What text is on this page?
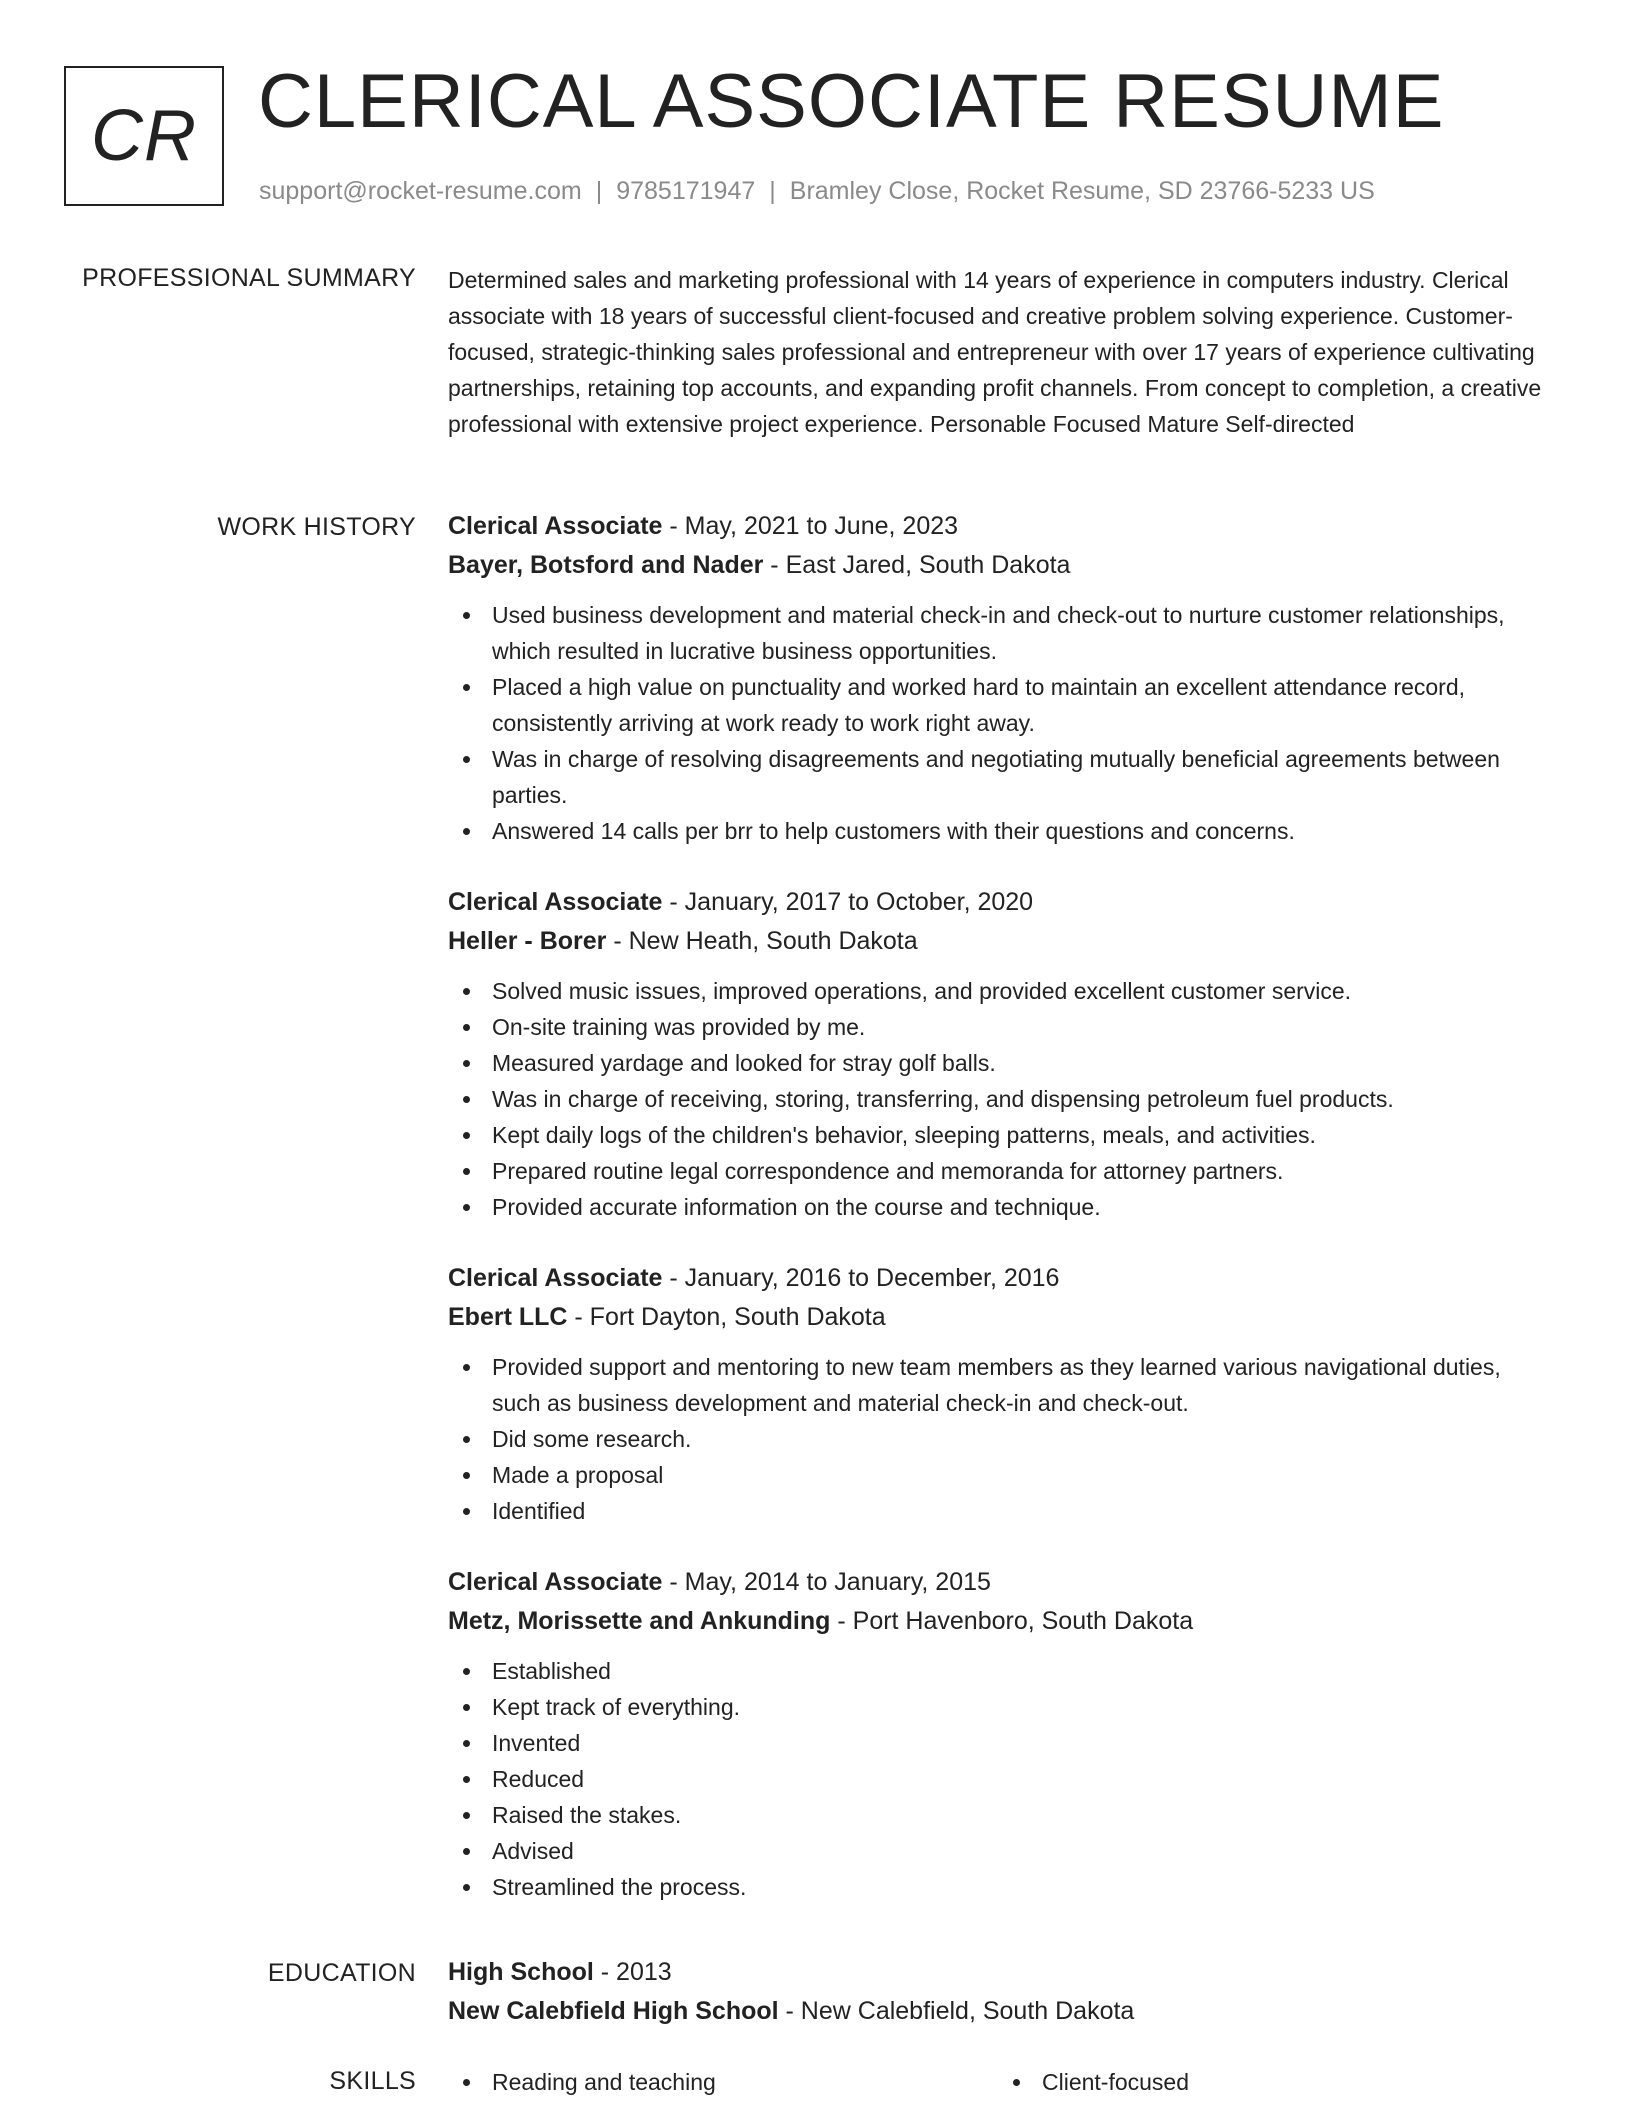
CR CLERICAL ASSOCIATE RESUME
support@rocket-resume.com | 9785171947 | Bramley Close, Rocket Resume, SD 23766-5233 US
PROFESSIONAL SUMMARY Determined sales and marketing professional with 14 years of experience in computers industry. Clerical associate with 18 years of successful client-focused and creative problem solving experience. Customer-focused, strategic-thinking sales professional and entrepreneur with over 17 years of experience cultivating partnerships, retaining top accounts, and expanding profit channels. From concept to completion, a creative professional with extensive project experience. Personable Focused Mature Self-directed

WORK HISTORY Clerical Associate - May, 2021 to June, 2023
Bayer, Botsford and Nader - East Jared, South Dakota
Used business development and material check-in and check-out to nurture customer relationships, which resulted in lucrative business opportunities.
Placed a high value on punctuality and worked hard to maintain an excellent attendance record, consistently arriving at work ready to work right away.
Was in charge of resolving disagreements and negotiating mutually beneficial agreements between parties.
Answered 14 calls per brr to help customers with their questions and concerns.
Clerical Associate - January, 2017 to October, 2020
Heller - Borer - New Heath, South Dakota
Solved music issues, improved operations, and provided excellent customer service.
On-site training was provided by me.
Measured yardage and looked for stray golf balls.
Was in charge of receiving, storing, transferring, and dispensing petroleum fuel products.
Kept daily logs of the children's behavior, sleeping patterns, meals, and activities.
Prepared routine legal correspondence and memoranda for attorney partners.
Provided accurate information on the course and technique.
Clerical Associate - January, 2016 to December, 2016
Ebert LLC - Fort Dayton, South Dakota
Provided support and mentoring to new team members as they learned various navigational duties, such as business development and material check-in and check-out.
Did some research.
Made a proposal
Identified
Clerical Associate - May, 2014 to January, 2015
Metz, Morissette and Ankunding - Port Havenboro, South Dakota
Established
Kept track of everything.
Invented
Reduced
Raised the stakes.
Advised
Streamlined the process.
EDUCATION High School - 2013
New Calebfield High School - New Calebfield, South Dakota
SKILLS	Reading and teaching	Client-focused
